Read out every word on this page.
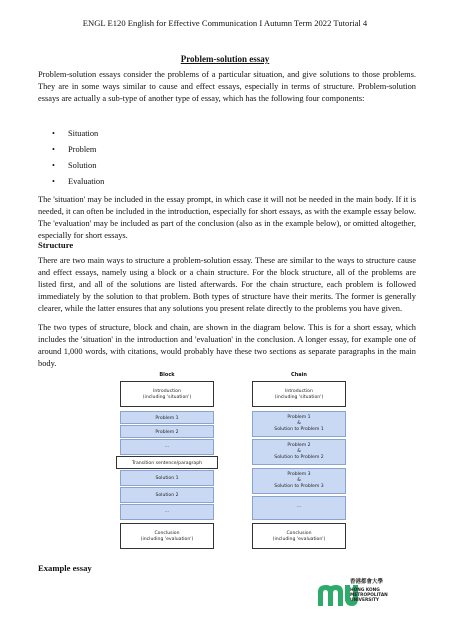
ENGL E120 English for Effective Communication I Autumn Term 2022 Tutorial 4
Problem-solution essay

Problem-solution essays consider the problems of a particular situation, and give solutions to those problems. They are in some ways similar to cause and effect essays, especially in terms of structure. Problem-solution essays are actually a sub-type of another type of essay, which has the following four components:

• Situation
• Problem
• Solution
• Evaluation

The 'situation' may be included in the essay prompt, in which case it will not be needed in the main body. If it is needed, it can often be included in the introduction, especially for short essays, as with the example essay below. The 'evaluation' may be included as part of the conclusion (also as in the example below), or omitted altogether, especially for short essays.

Structure

There are two main ways to structure a problem-solution essay. These are similar to the ways to structure cause and effect essays, namely using a block or a chain structure. For the block structure, all of the problems are listed first, and all of the solutions are listed afterwards. For the chain structure, each problem is followed immediately by the solution to that problem. Both types of structure have their merits. The former is generally clearer, while the latter ensures that any solutions you present relate directly to the problems you have given.

The two types of structure, block and chain, are shown in the diagram below. This is for a short essay, which includes the 'situation' in the introduction and 'evaluation' in the conclusion. A longer essay, for example one of around 1,000 words, with citations, would probably have these two sections as separate paragraphs in the main body.

Block	Chain
Introduction
(including 'situation')
Problem 1
Problem 2
...
Transition sentence/paragraph
Solution 1
Solution 2
...
Conclusion
(including 'evaluation')
Introduction
(including 'situation')
Problem 1
&
Solution to Problem 1
Problem 2
&
Solution to Problem 2
Problem 3
&
Solution to Problem 3
...
Conclusion
(including 'evaluation')
Example essay
香港都會大學
HONG KONG
METROPOLITAN
UNIVERSITY
